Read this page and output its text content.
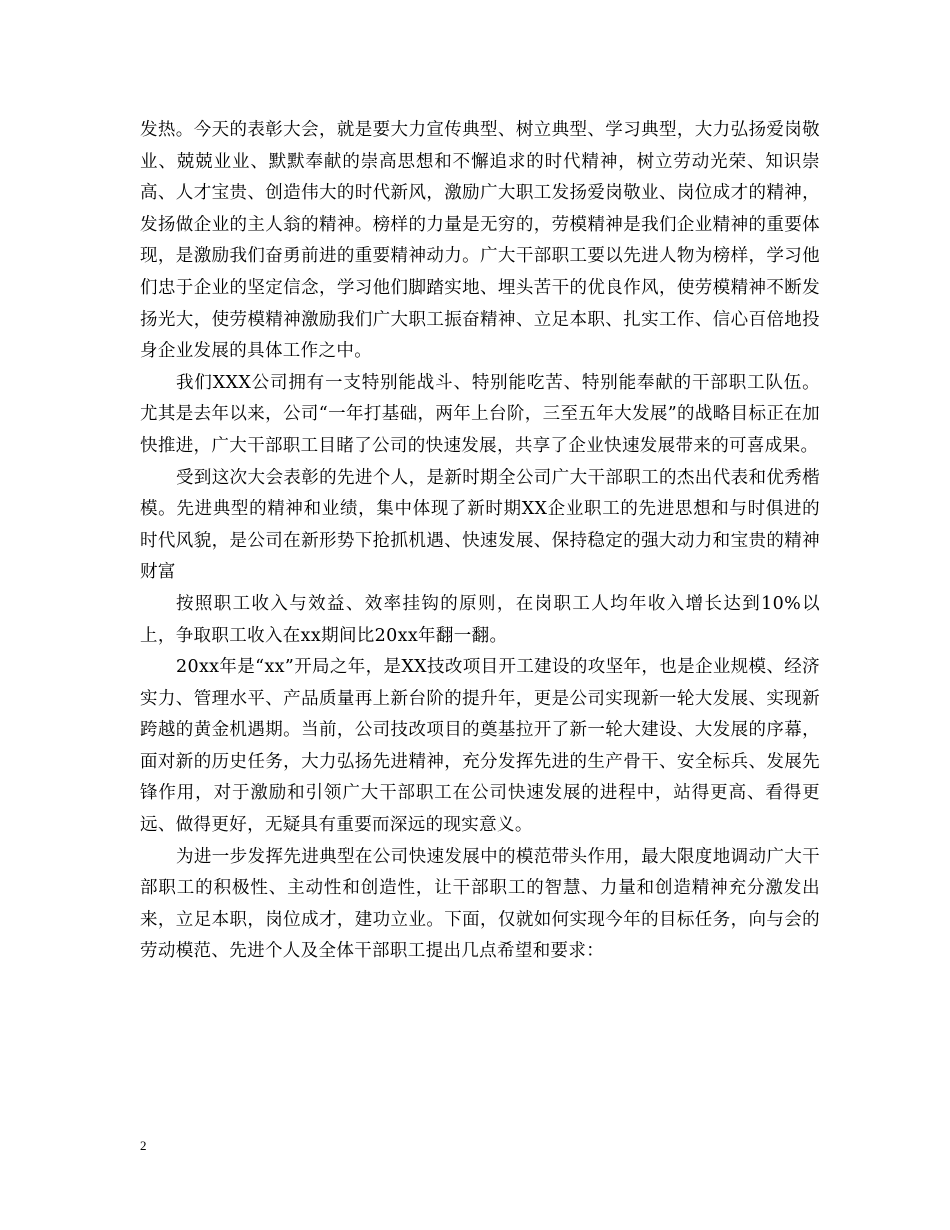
发热。今天的表彰大会，就是要大力宣传典型、树立典型、学习典型，大力弘扬爱岗敬业、兢兢业业、默默奉献的崇高思想和不懈追求的时代精神，树立劳动光荣、知识崇高、人才宝贵、创造伟大的时代新风，激励广大职工发扬爱岗敬业、岗位成才的精神，发扬做企业的主人翁的精神。榜样的力量是无穷的，劳模精神是我们企业精神的重要体现，是激励我们奋勇前进的重要精神动力。广大干部职工要以先进人物为榜样，学习他们忠于企业的坚定信念，学习他们脚踏实地、埋头苦干的优良作风，使劳模精神不断发扬光大，使劳模精神激励我们广大职工振奋精神、立足本职、扎实工作、信心百倍地投身企业发展的具体工作之中。

我们XXX公司拥有一支特别能战斗、特别能吃苦、特别能奉献的干部职工队伍。尤其是去年以来，公司“一年打基础，两年上台阶，三至五年大发展”的战略目标正在加快推进，广大干部职工目睹了公司的快速发展，共享了企业快速发展带来的可喜成果。

受到这次大会表彰的先进个人，是新时期全公司广大干部职工的杰出代表和优秀楷模。先进典型的精神和业绩，集中体现了新时期XX企业职工的先进思想和与时俱进的时代风貌，是公司在新形势下抢抓机遇、快速发展、保持稳定的强大动力和宝贵的精神财富

按照职工收入与效益、效率挂钩的原则，在岗职工人均年收入增长达到10%以上，争取职工收入在xx期间比20xx年翻一翻。

20xx年是“xx”开局之年，是XX技改项目开工建设的攻坚年，也是企业规模、经济实力、管理水平、产品质量再上新台阶的提升年，更是公司实现新一轮大发展、实现新跨越的黄金机遇期。当前，公司技改项目的奠基拉开了新一轮大建设、大发展的序幕，面对新的历史任务，大力弘扬先进精神，充分发挥先进的生产骨干、安全标兵、发展先锋作用，对于激励和引领广大干部职工在公司快速发展的进程中，站得更高、看得更远、做得更好，无疑具有重要而深远的现实意义。

为进一步发挥先进典型在公司快速发展中的模范带头作用，最大限度地调动广大干部职工的积极性、主动性和创造性，让干部职工的智慧、力量和创造精神充分激发出来，立足本职，岗位成才，建功立业。下面，仅就如何实现今年的目标任务，向与会的劳动模范、先进个人及全体干部职工提出几点希望和要求：

2
